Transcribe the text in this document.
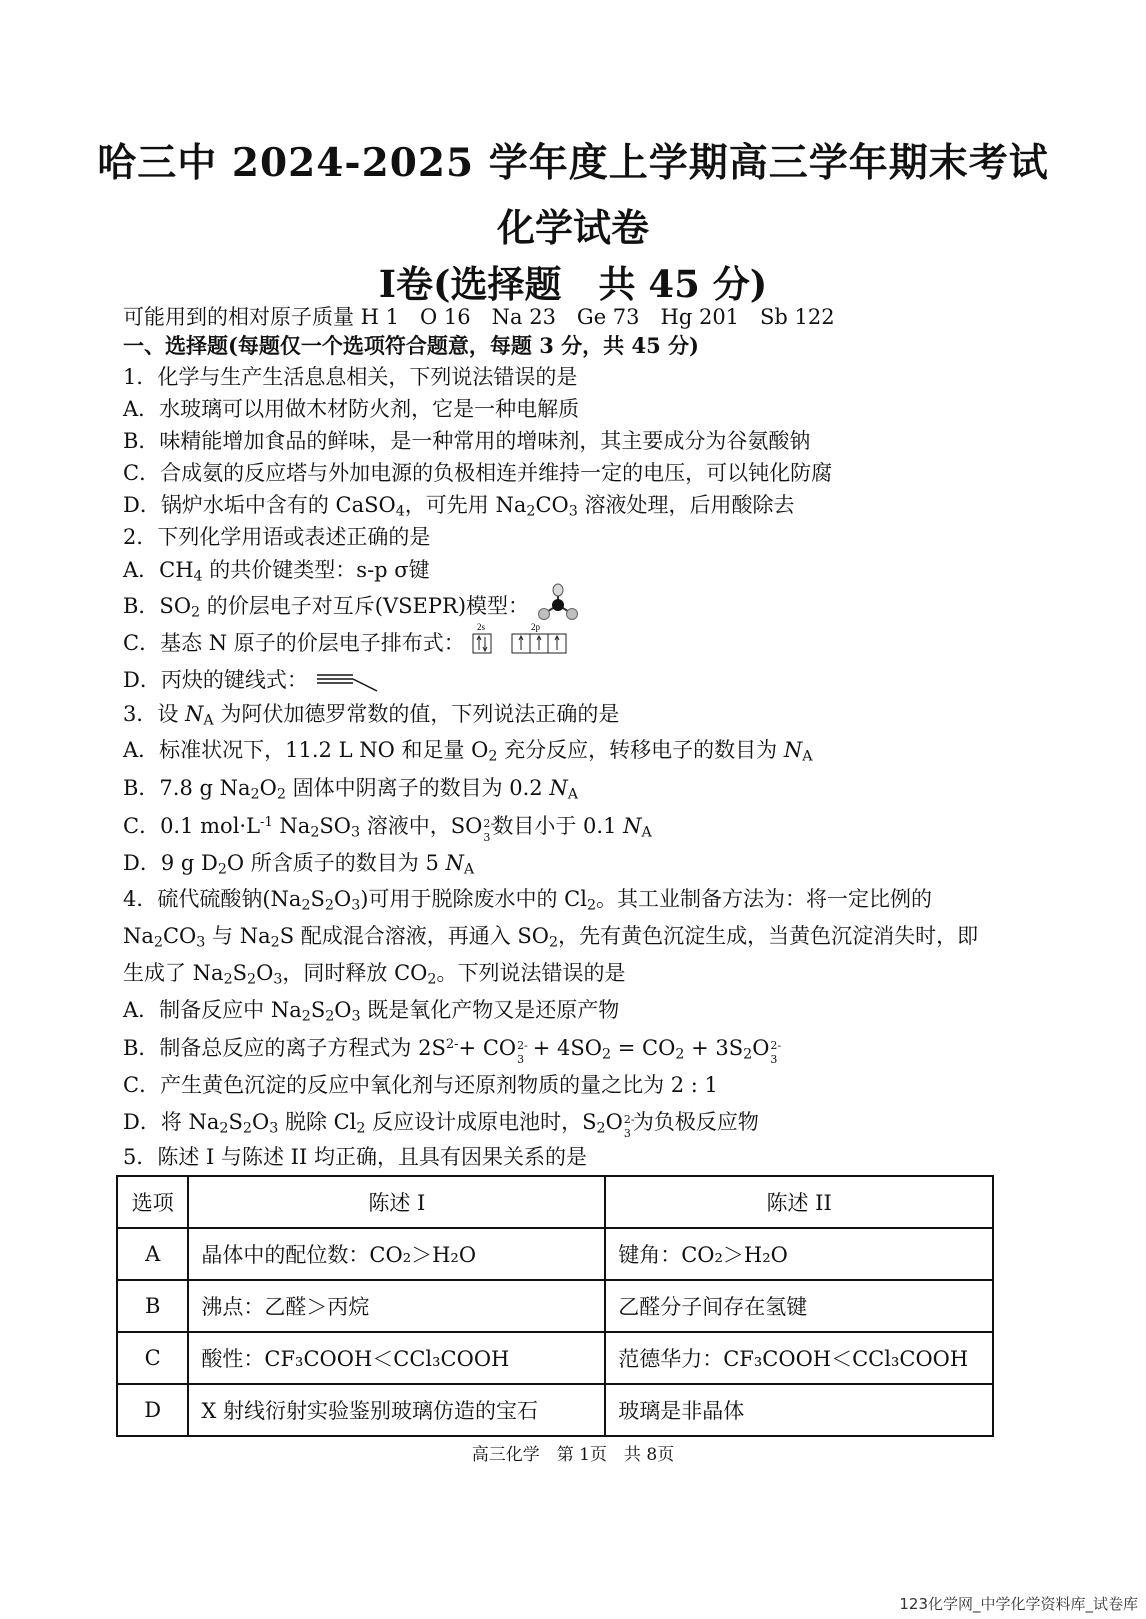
哈三中 2024-2025 学年度上学期高三学年期末考试
化学试卷
I卷(选择题　共 45 分)
可能用到的相对原子质量 H 1　O 16　Na 23　Ge 73　Hg 201　Sb 122
一、选择题(每题仅一个选项符合题意，每题 3 分，共 45 分)
1．化学与生产生活息息相关，下列说法错误的是
A．水玻璃可以用做木材防火剂，它是一种电解质
B．味精能增加食品的鲜味，是一种常用的增味剂，其主要成分为谷氨酸钠
C．合成氨的反应塔与外加电源的负极相连并维持一定的电压，可以钝化防腐
D．锅炉水垢中含有的 CaSO$_4$，可先用 $Na_2CO_3$ 溶液处理，后用酸除去
2．下列化学用语或表述正确的是
A．$CH_4$ 的共价键类型：s-p σ键
B．$SO_2$ 的价层电子对互斥(VSEPR)模型：
C．基态 N 原子的价层电子排布式：
2s	2p
D．丙炔的键线式：
3．设 $N_A$ 为阿伏加德罗常数的值，下列说法正确的是
A．标准状况下，11.2 L NO 和足量 $O_2$ 充分反应，转移电子的数目为 $N_A$
B．7.8 g $Na_2O_2$ 固体中阴离子的数目为 0.2 $N_A$
C．0.1 $mol\cdot L^{-1}$ $Na_2SO_3$ 溶液中，SO 2-
3 数目小于 0.1 $N_A$
D．9 g $D_2O$ 所含质子的数目为 5 $N_A$
4．硫代硫酸钠$(Na_2S_2O_3)$可用于脱除废水中的 $Cl_2$。其工业制备方法为：将一定比例的
$Na_2CO_3$ 与 $Na_2S$ 配成混合溶液，再通入 $SO_2$，先有黄色沉淀生成，当黄色沉淀消失时，即
生成了 $Na_2S_2O_3$，同时释放 $CO_2$。下列说法错误的是
A．制备反应中 $Na_2S_2O_3$ 既是氧化产物又是还原产物
B．制备总反应的离子方程式为 $2S^{2-}+$ CO 2-
$3 + 4SO_2 = CO_2 + 3S_2O$ 2-
3
C．产生黄色沉淀的反应中氧化剂与还原剂物质的量之比为 2 : 1
D．将 $Na_2S_2O_3$ 脱除 $Cl_2$ 反应设计成原电池时，$S_2O$ 2-
3 为负极反应物
5．陈述 I 与陈述 II 均正确，且具有因果关系的是
选项	陈述 I	陈述 II
A	晶体中的配位数：CO₂＞H₂O	键角：CO₂＞H₂O
B	沸点：乙醛＞丙烷	乙醛分子间存在氢键
C	酸性：CF₃COOH＜CCl₃COOH	范德华力：CF₃COOH＜CCl₃COOH
D	X 射线衍射实验鉴别玻璃仿造的宝石	玻璃是非晶体
高三化学　第 1页　共 8页
123化学网_中学化学资料库_试卷库
